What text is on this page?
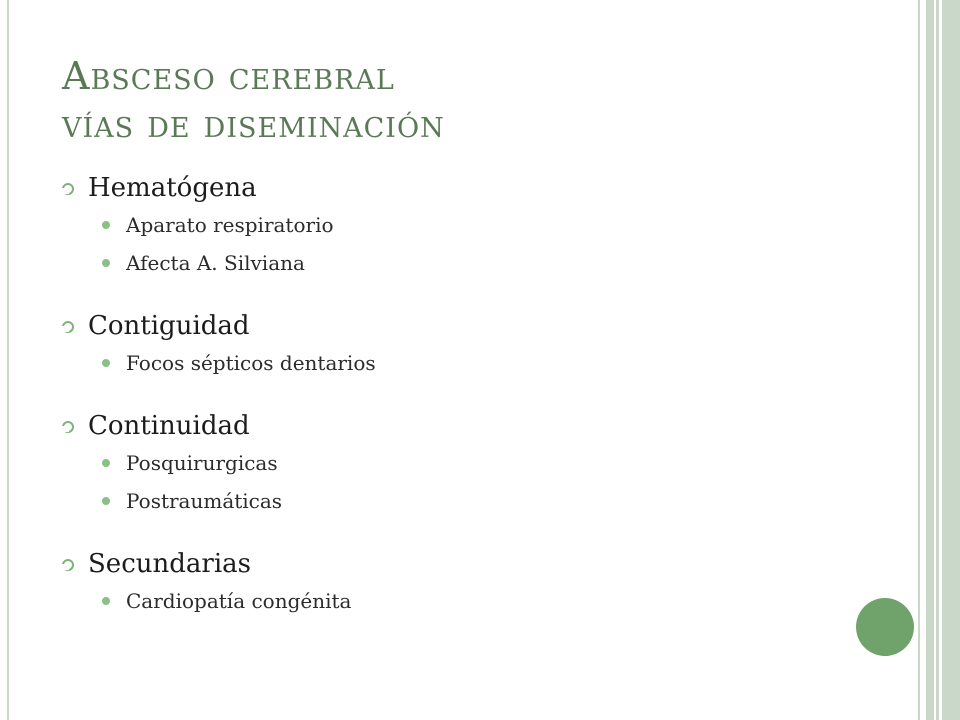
Absceso cerebral
vías de diseminación
Hematógena
Aparato respiratorio
Afecta A. Silviana
Contiguidad
Focos sépticos dentarios
Continuidad
Posquirurgicas
Postraumáticas
Secundarias
Cardiopatía congénita
